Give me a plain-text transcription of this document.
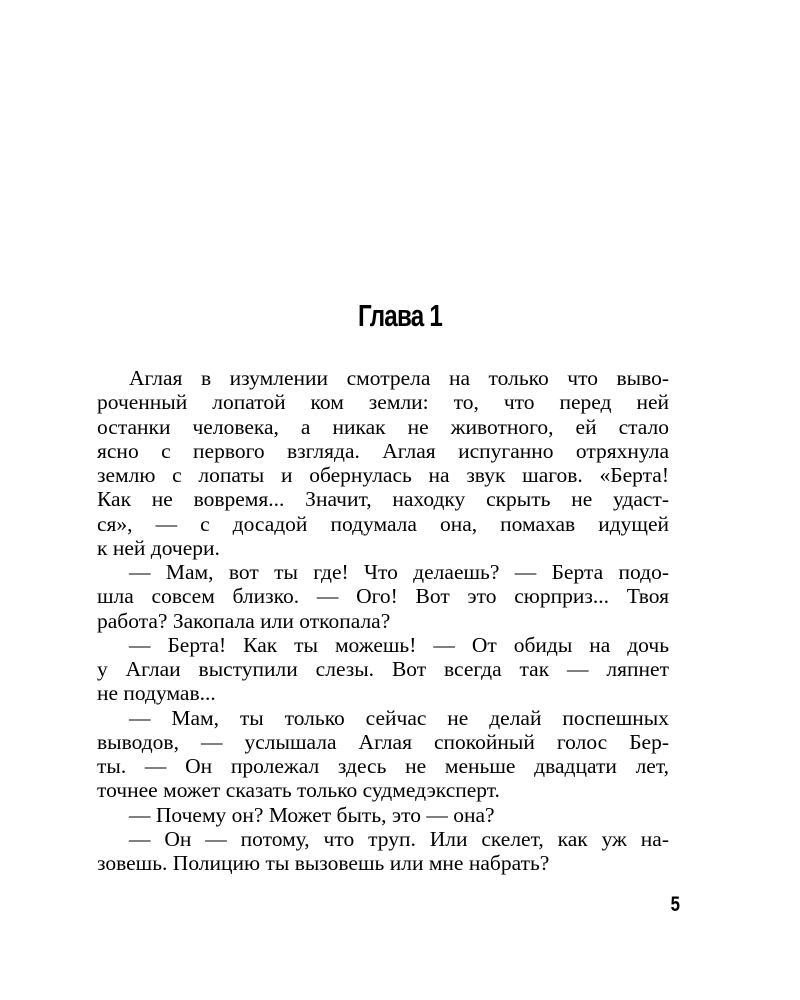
Глава 1
Аглая в изумлении смотрела на только что выво-
роченный лопатой ком земли: то, что перед ней
останки человека, а никак не животного, ей стало
ясно с первого взгляда. Аглая испуганно отряхнула
землю с лопаты и обернулась на звук шагов. «Берта!
Как не вовремя... Значит, находку скрыть не удаст-
ся», — с досадой подумала она, помахав идущей
к ней дочери.
— Мам, вот ты где! Что делаешь? — Берта подо-
шла совсем близко. — Ого! Вот это сюрприз... Твоя
работа? Закопала или откопала?
— Берта! Как ты можешь! — От обиды на дочь
у Аглаи выступили слезы. Вот всегда так — ляпнет
не подумав...
— Мам, ты только сейчас не делай поспешных
выводов, — услышала Аглая спокойный голос Бер-
ты. — Он пролежал здесь не меньше двадцати лет,
точнее может сказать только судмедэксперт.
— Почему он? Может быть, это — она?
— Он — потому, что труп. Или скелет, как уж на-
зовешь. Полицию ты вызовешь или мне набрать?
5
